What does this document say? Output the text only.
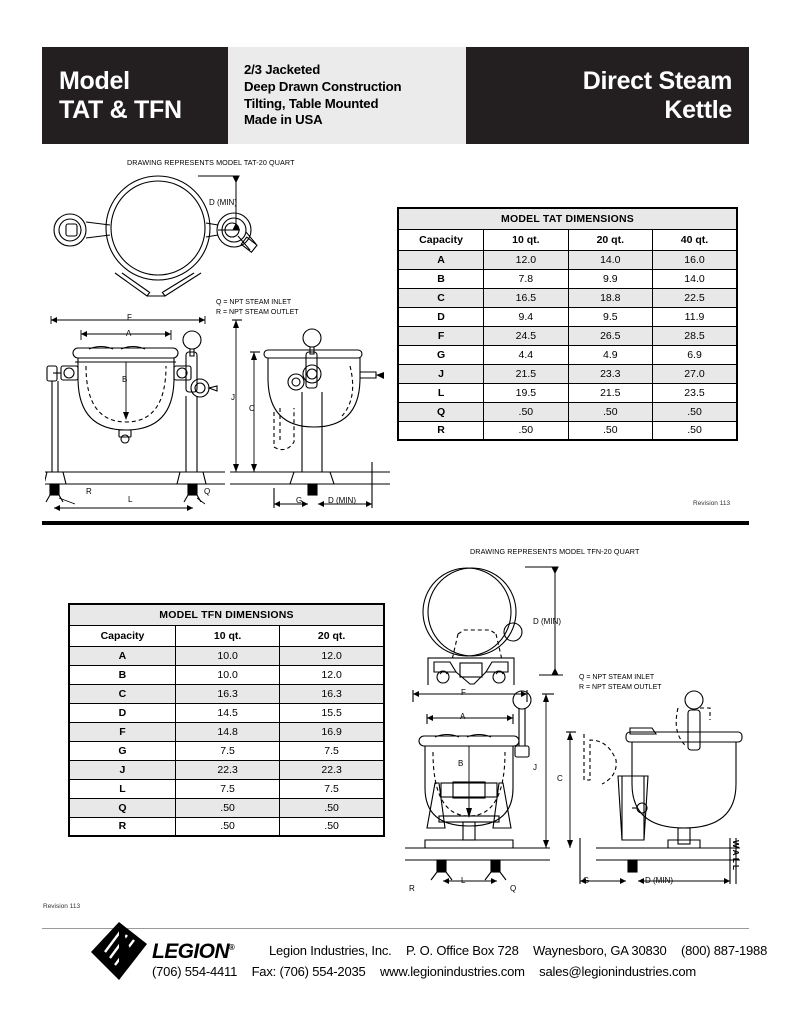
Model
TAT & TFN
2/3 Jacketed
Deep Drawn Construction
Tilting, Table Mounted
Made in USA
Direct Steam
Kettle
DRAWING REPRESENTS MODEL TAT-20 QUART
D (MIN)
Q = NPT STEAM INLET
R = NPT STEAM OUTLET
F
A
B
L
R	Q
J
C
G	D (MIN)
MODEL TAT DIMENSIONS			
Capacity	10 qt.	20 qt.	40 qt.
A	12.0	14.0	16.0
B	7.8	9.9	14.0
C	16.5	18.8	22.5
D	9.4	9.5	11.9
F	24.5	26.5	28.5
G	4.4	4.9	6.9
J	21.5	23.3	27.0
L	19.5	21.5	23.5
Q	.50	.50	.50
R	.50	.50	.50
Revision 113
DRAWING REPRESENTS MODEL TFN-20 QUART
D (MIN)
Q = NPT STEAM INLET
R = NPT STEAM OUTLET
F
A
B
L
R	Q
J
C
G	D (MIN)
WALL
MODEL TFN DIMENSIONS		
Capacity	10 qt.	20 qt.
A	10.0	12.0
B	10.0	12.0
C	16.3	16.3
D	14.5	15.5
F	14.8	16.9
G	7.5	7.5
J	22.3	22.3
L	7.5	7.5
Q	.50	.50
R	.50	.50
Revision 113
LEGION®	Legion Industries, Inc. P. O. Office Box 728 Waynesboro, GA 30830 (800) 887-1988
(706) 554-4411 Fax: (706) 554-2035 www.legionindustries.com sales@legionindustries.com
